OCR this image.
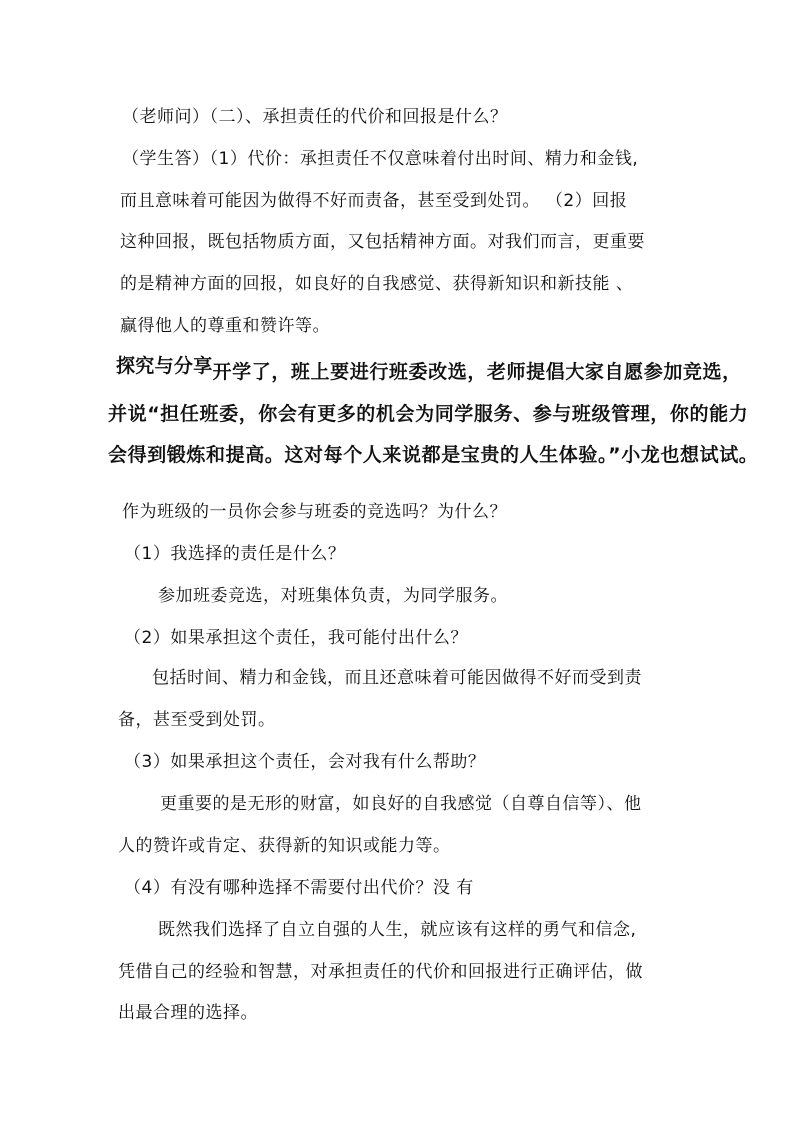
（老师问）（二）、承担责任的代价和回报是什么？
（学生答）（1）代价：承担责任不仅意味着付出时间、精力和金钱,
而且意味着可能因为做得不好而责备，甚至受到处罚。 （2）回报
这种回报，既包括物质方面，又包括精神方面。对我们而言，更重要
的是精神方面的回报，如良好的自我感觉、获得新知识和新技能 、
赢得他人的尊重和赞许等。
探究与分享开学了，班上要进行班委改选，老师提倡大家自愿参加竞选，
并说“担任班委，你会有更多的机会为同学服务、参与班级管理，你的能力
会得到锻炼和提高。这对每个人来说都是宝贵的人生体验。”小龙也想试试。
作为班级的一员你会参与班委的竞选吗？为什么？
（1）我选择的责任是什么？
参加班委竞选，对班集体负责，为同学服务。
（2）如果承担这个责任，我可能付出什么？
包括时间、精力和金钱，而且还意味着可能因做得不好而受到责
备，甚至受到处罚。
（3）如果承担这个责任，会对我有什么帮助？
更重要的是无形的财富，如良好的自我感觉（自尊自信等）、他
人的赞许或肯定、获得新的知识或能力等。
（4）有没有哪种选择不需要付出代价？没 有
既然我们选择了自立自强的人生，就应该有这样的勇气和信念,
凭借自己的经验和智慧，对承担责任的代价和回报进行正确评估，做
出最合理的选择。
